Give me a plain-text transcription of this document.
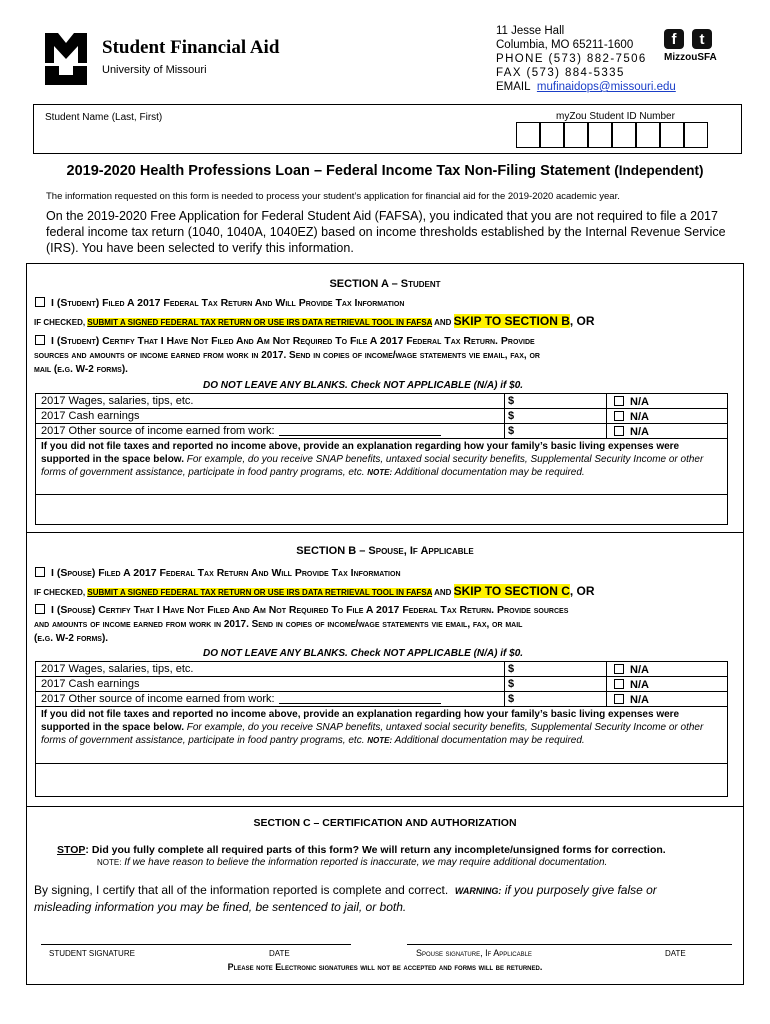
Student Financial Aid
University of Missouri
11 Jesse Hall
Columbia, MO 65211-1600
PHONE (573) 882-7506
FAX (573) 884-5335
EMAIL mufinaidops@missouri.edu
f	t
MizzouSFA
Student Name (Last, First)	myZou Student ID Number
2019-2020 Health Professions Loan – Federal Income Tax Non-Filing Statement (Independent)
The information requested on this form is needed to process your student’s application for financial aid for the 2019-2020 academic year.
On the 2019-2020 Free Application for Federal Student Aid (FAFSA), you indicated that you are not required to file a 2017 federal income tax return (1040, 1040A, 1040EZ) based on income thresholds established by the Internal Revenue Service (IRS). You have been selected to verify this information.
SECTION A – Student
I (Student) Filed A 2017 Federal Tax Return And Will Provide Tax Information
IF CHECKED, SUBMIT A SIGNED FEDERAL TAX RETURN OR USE IRS DATA RETRIEVAL TOOL IN FAFSA AND SKIP TO SECTION B, OR
I (Student) Certify That I Have Not Filed And Am Not Required To File A 2017 Federal Tax Return. Provide
sources and amounts of income earned from work in 2017. Send in copies of income/wage statements vie email, fax, or
mail (e.g. W-2 forms).
DO NOT LEAVE ANY BLANKS. Check NOT APPLICABLE (N/A) if $0.
2017 Wages, salaries, tips, etc.	$	N/A
2017 Cash earnings	$	N/A
2017 Other source of income earned from work:	$	N/A
If you did not file taxes and reported no income above, provide an explanation regarding how your family’s basic living expenses were supported in the space below. For example, do you receive SNAP benefits, untaxed social security benefits, Supplemental Security Income or other forms of government assistance, participate in food pantry programs, etc. NOTE: Additional documentation may be required.
SECTION B – Spouse, If Applicable
I (Spouse) Filed A 2017 Federal Tax Return And Will Provide Tax Information
IF CHECKED, SUBMIT A SIGNED FEDERAL TAX RETURN OR USE IRS DATA RETRIEVAL TOOL IN FAFSA AND SKIP TO SECTION C, OR
I (Spouse) Certify That I Have Not Filed And Am Not Required To File A 2017 Federal Tax Return. Provide sources
and amounts of income earned from work in 2017. Send in copies of income/wage statements vie email, fax, or mail
(e.g. W-2 forms).
DO NOT LEAVE ANY BLANKS. Check NOT APPLICABLE (N/A) if $0.
2017 Wages, salaries, tips, etc.	$	N/A
2017 Cash earnings	$	N/A
2017 Other source of income earned from work:	$	N/A
If you did not file taxes and reported no income above, provide an explanation regarding how your family’s basic living expenses were supported in the space below. For example, do you receive SNAP benefits, untaxed social security benefits, Supplemental Security Income or other forms of government assistance, participate in food pantry programs, etc. NOTE: Additional documentation may be required.
SECTION C – CERTIFICATION AND AUTHORIZATION
STOP: Did you fully complete all required parts of this form? We will return any incomplete/unsigned forms for correction.
NOTE: If we have reason to believe the information reported is inaccurate, we may require additional documentation.
By signing, I certify that all of the information reported is complete and correct. WARNING: if you purposely give false or misleading information you may be fined, be sentenced to jail, or both.
STUDENT SIGNATURE	DATE	Spouse signature, If Applicable	DATE
Please note Electronic signatures will not be accepted and forms will be returned.
